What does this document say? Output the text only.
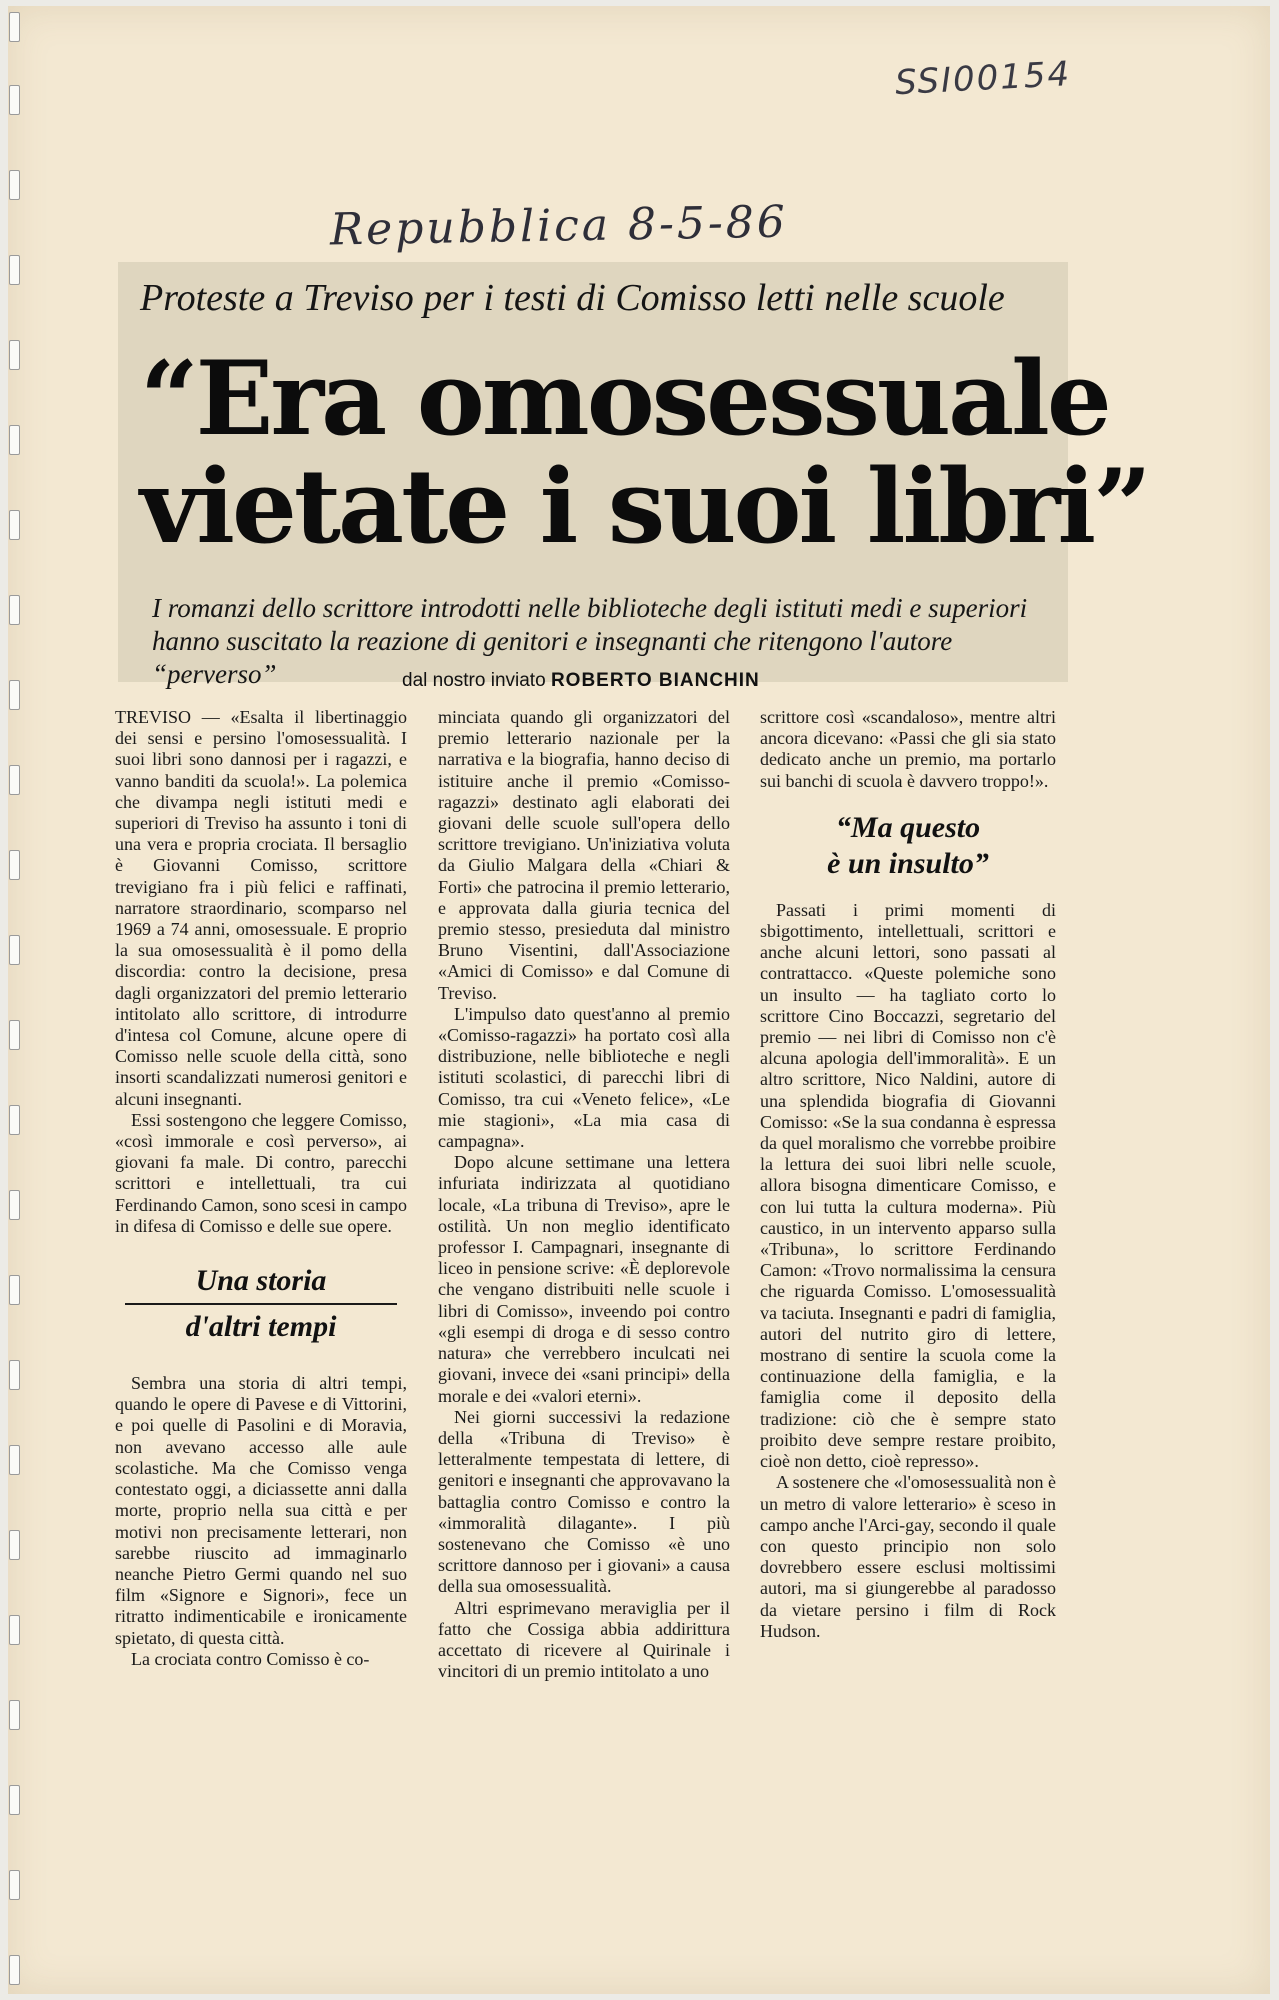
SSI00154
Repubblica 8-5-86
Proteste a Treviso per i testi di Comisso letti nelle scuole
“Era omosessuale
vietate i suoi libri”
I romanzi dello scrittore introdotti nelle biblioteche degli istituti medi e superiori hanno suscitato la reazione di genitori e insegnanti che ritengono l'autore “perverso”	dal nostro inviato ROBERTO BIANCHIN

TREVISO — «Esalta il libertinaggio dei sensi e persino l'omosessualità. I suoi libri sono dannosi per i ragazzi, e vanno banditi da scuola!». La polemica che divampa negli istituti medi e superiori di Treviso ha assunto i toni di una vera e propria crociata. Il bersaglio è Giovanni Comisso, scrittore trevigiano fra i più felici e raffinati, narratore straordinario, scomparso nel 1969 a 74 anni, omosessuale. E proprio la sua omosessualità è il pomo della discordia: contro la decisione, presa dagli organizzatori del premio letterario intitolato allo scrittore, di introdurre d'intesa col Comune, alcune opere di Comisso nelle scuole della città, sono insorti scandalizzati numerosi genitori e alcuni insegnanti.

Essi sostengono che leggere Comisso, «così immorale e così perverso», ai giovani fa male. Di contro, parecchi scrittori e intellettuali, tra cui Ferdinando Camon, sono scesi in campo in difesa di Comisso e delle sue opere.

Una storia
d'altri tempi

Sembra una storia di altri tempi, quando le opere di Pavese e di Vittorini, e poi quelle di Pasolini e di Moravia, non avevano accesso alle aule scolastiche. Ma che Comisso venga contestato oggi, a diciassette anni dalla morte, proprio nella sua città e per motivi non precisamente letterari, non sarebbe riuscito ad immaginarlo neanche Pietro Germi quando nel suo film «Signore e Signori», fece un ritratto indimenticabile e ironicamente spietato, di questa città.

La crociata contro Comisso è co-

minciata quando gli organizzatori del premio letterario nazionale per la narrativa e la biografia, hanno deciso di istituire anche il premio «Comisso-ragazzi» destinato agli elaborati dei giovani delle scuole sull'opera dello scrittore trevigiano. Un'iniziativa voluta da Giulio Malgara della «Chiari & Forti» che patrocina il premio letterario, e approvata dalla giuria tecnica del premio stesso, presieduta dal ministro Bruno Visentini, dall'Associazione «Amici di Comisso» e dal Comune di Treviso.

L'impulso dato quest'anno al premio «Comisso-ragazzi» ha portato così alla distribuzione, nelle biblioteche e negli istituti scolastici, di parecchi libri di Comisso, tra cui «Veneto felice», «Le mie stagioni», «La mia casa di campagna».

Dopo alcune settimane una lettera infuriata indirizzata al quotidiano locale, «La tribuna di Treviso», apre le ostilità. Un non meglio identificato professor I. Campagnari, insegnante di liceo in pensione scrive: «È deplorevole che vengano distribuiti nelle scuole i libri di Comisso», inveendo poi contro «gli esempi di droga e di sesso contro natura» che verrebbero inculcati nei giovani, invece dei «sani principi» della morale e dei «valori eterni».

Nei giorni successivi la redazione della «Tribuna di Treviso» è letteralmente tempestata di lettere, di genitori e insegnanti che approvavano la battaglia contro Comisso e contro la «immoralità dilagante». I più sostenevano che Comisso «è uno scrittore dannoso per i giovani» a causa della sua omosessualità.

Altri esprimevano meraviglia per il fatto che Cossiga abbia addirittura accettato di ricevere al Quirinale i vincitori di un premio intitolato a uno

scrittore così «scandaloso», mentre altri ancora dicevano: «Passi che gli sia stato dedicato anche un premio, ma portarlo sui banchi di scuola è davvero troppo!».

“Ma questo
è un insulto”

Passati i primi momenti di sbigottimento, intellettuali, scrittori e anche alcuni lettori, sono passati al contrattacco. «Queste polemiche sono un insulto — ha tagliato corto lo scrittore Cino Boccazzi, segretario del premio — nei libri di Comisso non c'è alcuna apologia dell'immoralità». E un altro scrittore, Nico Naldini, autore di una splendida biografia di Giovanni Comisso: «Se la sua condanna è espressa da quel moralismo che vorrebbe proibire la lettura dei suoi libri nelle scuole, allora bisogna dimenticare Comisso, e con lui tutta la cultura moderna». Più caustico, in un intervento apparso sulla «Tribuna», lo scrittore Ferdinando Camon: «Trovo normalissima la censura che riguarda Comisso. L'omosessualità va taciuta. Insegnanti e padri di famiglia, autori del nutrito giro di lettere, mostrano di sentire la scuola come la continuazione della famiglia, e la famiglia come il deposito della tradizione: ciò che è sempre stato proibito deve sempre restare proibito, cioè non detto, cioè represso».

A sostenere che «l'omosessualità non è un metro di valore letterario» è sceso in campo anche l'Arci-gay, secondo il quale con questo principio non solo dovrebbero essere esclusi moltissimi autori, ma si giungerebbe al paradosso da vietare persino i film di Rock Hudson.
